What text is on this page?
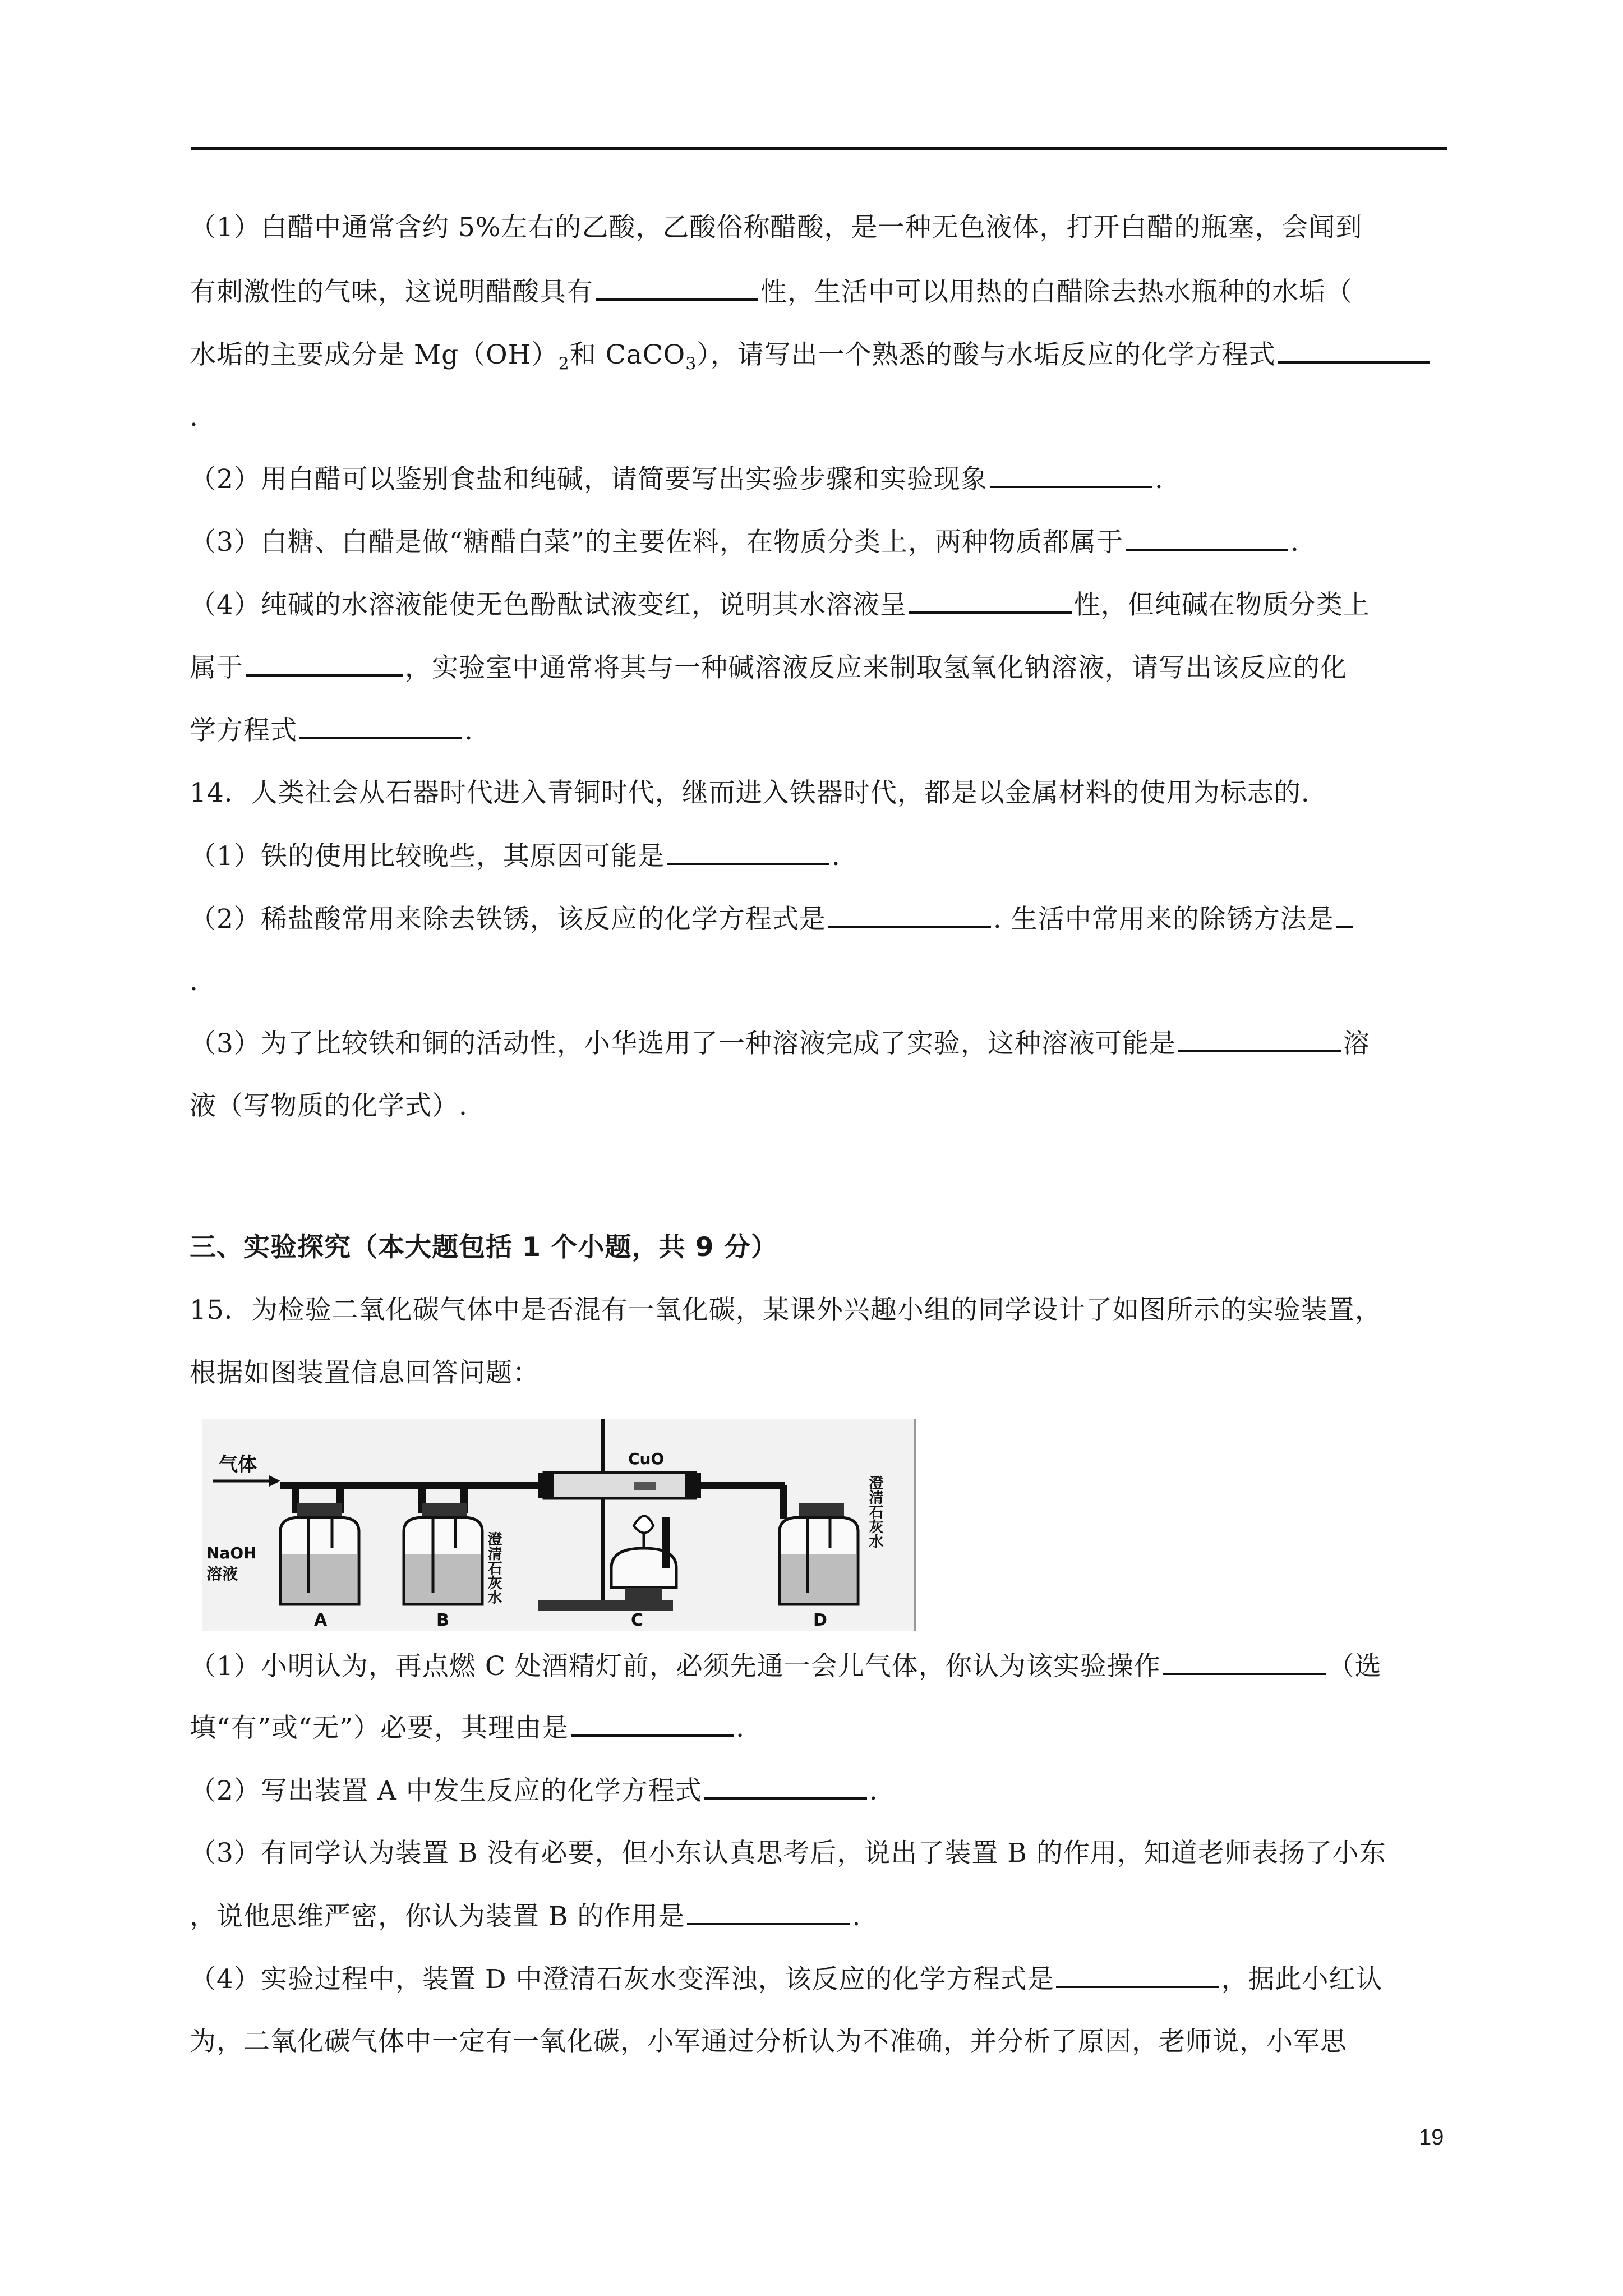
（1）白醋中通常含约 5%左右的乙酸，乙酸俗称醋酸，是一种无色液体，打开白醋的瓶塞，会闻到
有刺激性的气味，这说明醋酸具有	性，生活中可以用热的白醋除去热水瓶种的水垢（
水垢的主要成分是 $Mg(OH)_2$和 CaCO$_3$），请写出一个熟悉的酸与水垢反应的化学方程式
.
（2）用白醋可以鉴别食盐和纯碱，请简要写出实验步骤和实验现象	.
（3）白糖、白醋是做“糖醋白菜”的主要佐料，在物质分类上，两种物质都属于	.
（4）纯碱的水溶液能使无色酚酞试液变红，说明其水溶液呈	性，但纯碱在物质分类上
属于	，实验室中通常将其与一种碱溶液反应来制取氢氧化钠溶液，请写出该反应的化
学方程式	.
14．人类社会从石器时代进入青铜时代，继而进入铁器时代，都是以金属材料的使用为标志的.
（1）铁的使用比较晚些，其原因可能是	.
（2）稀盐酸常用来除去铁锈，该反应的化学方程式是	. 生活中常用来的除锈方法是
.
（3）为了比较铁和铜的活动性，小华选用了一种溶液完成了实验，这种溶液可能是	溶
液（写物质的化学式）.
三、实验探究（本大题包括 1 个小题，共 9 分）
15．为检验二氧化碳气体中是否混有一氧化碳，某课外兴趣小组的同学设计了如图所示的实验装置，
根据如图装置信息回答问题：
气体
NaOH
溶液
A
澄清石灰水
B
CuO
C
澄清石灰水
D
（1）小明认为，再点燃 C 处酒精灯前，必须先通一会儿气体，你认为该实验操作	（选
填“有”或“无”）必要，其理由是	.
（2）写出装置 A 中发生反应的化学方程式	.
（3）有同学认为装置 B 没有必要，但小东认真思考后，说出了装置 B 的作用，知道老师表扬了小东
，说他思维严密，你认为装置 B 的作用是	.
（4）实验过程中，装置 D 中澄清石灰水变浑浊，该反应的化学方程式是	，据此小红认
为，二氧化碳气体中一定有一氧化碳，小军通过分析认为不准确，并分析了原因，老师说，小军思
19
